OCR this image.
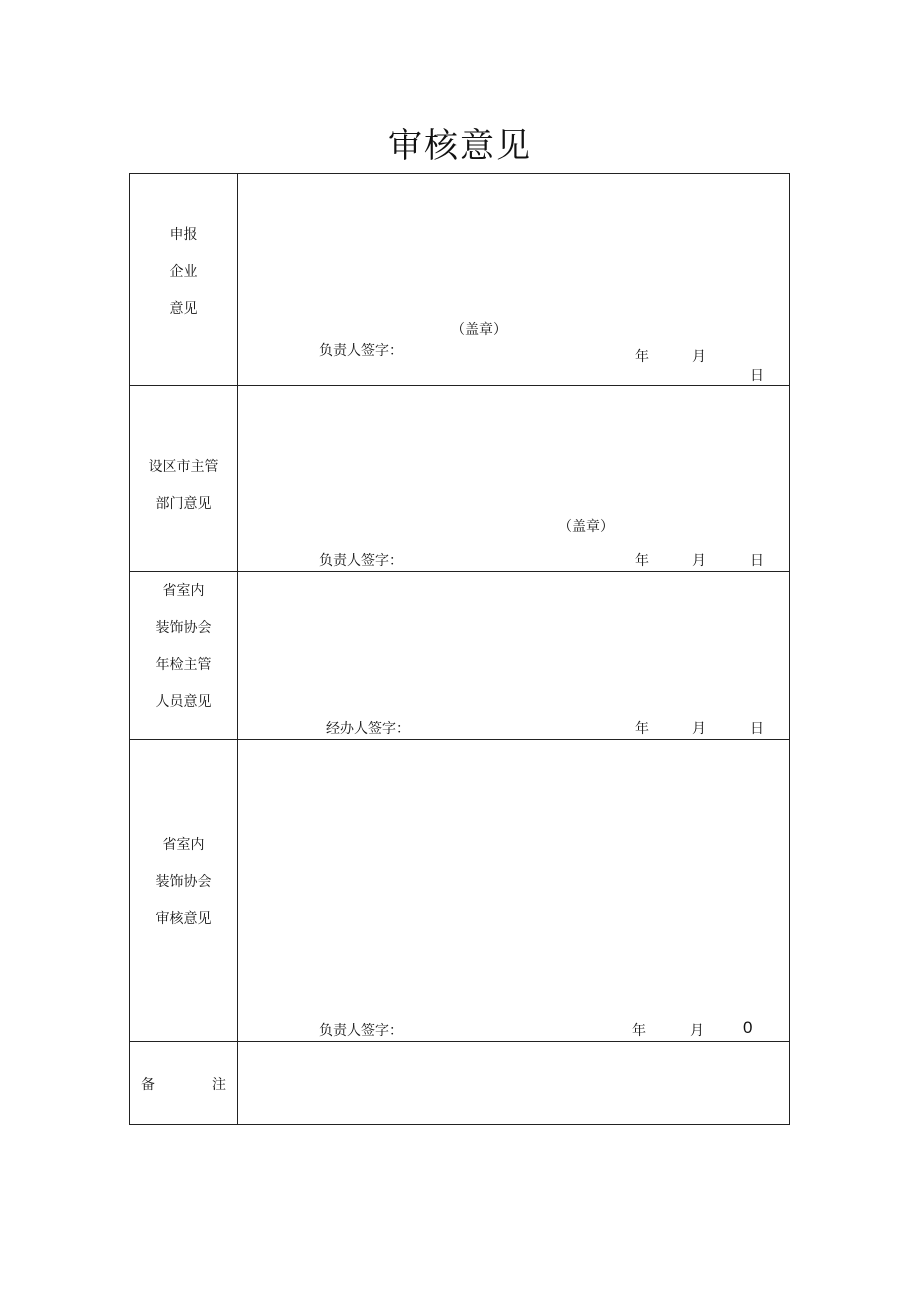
审核意见
申报
企业
意见
（盖章）
负责人签字：	年	月
日
设区市主管
部门意见
（盖章）
负责人签字：	年	月	日
省室内
装饰协会
年检主管
人员意见
经办人签字：	年	月	日
省室内
装饰协会
审核意见
负责人签字：	年	月 0
备	注
